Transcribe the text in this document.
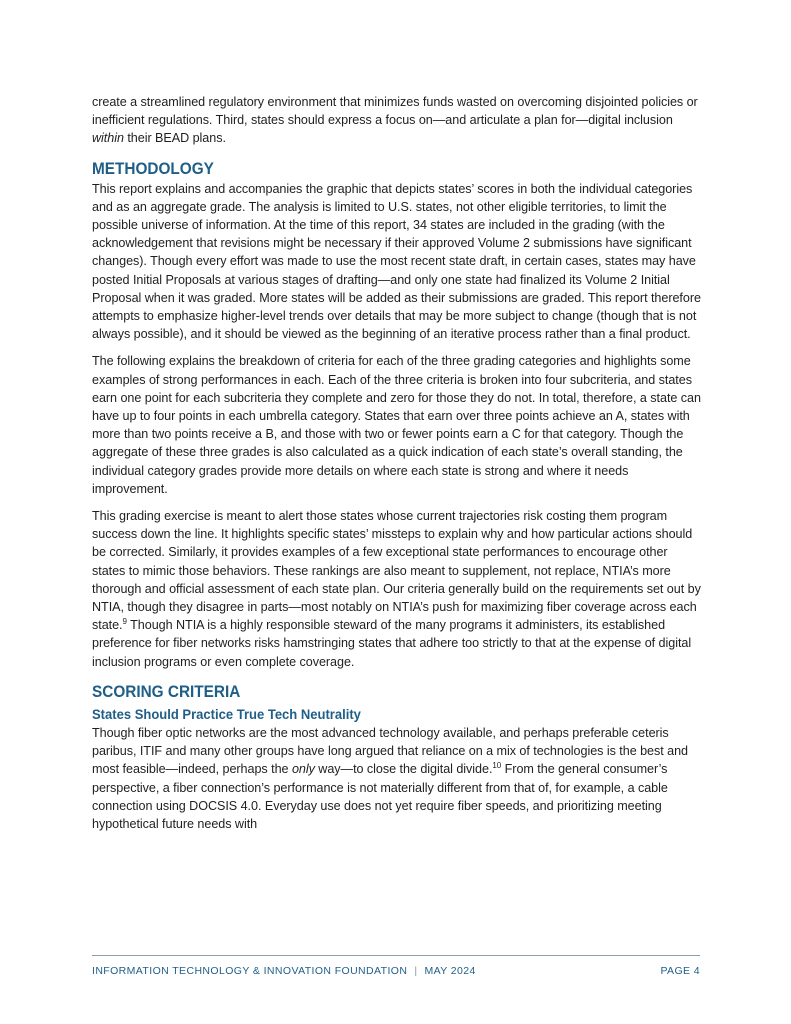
create a streamlined regulatory environment that minimizes funds wasted on overcoming disjointed policies or inefficient regulations. Third, states should express a focus on—and articulate a plan for—digital inclusion within their BEAD plans.

METHODOLOGY

This report explains and accompanies the graphic that depicts states’ scores in both the individual categories and as an aggregate grade. The analysis is limited to U.S. states, not other eligible territories, to limit the possible universe of information. At the time of this report, 34 states are included in the grading (with the acknowledgement that revisions might be necessary if their approved Volume 2 submissions have significant changes). Though every effort was made to use the most recent state draft, in certain cases, states may have posted Initial Proposals at various stages of drafting—and only one state had finalized its Volume 2 Initial Proposal when it was graded. More states will be added as their submissions are graded. This report therefore attempts to emphasize higher-level trends over details that may be more subject to change (though that is not always possible), and it should be viewed as the beginning of an iterative process rather than a final product.

The following explains the breakdown of criteria for each of the three grading categories and highlights some examples of strong performances in each. Each of the three criteria is broken into four subcriteria, and states earn one point for each subcriteria they complete and zero for those they do not. In total, therefore, a state can have up to four points in each umbrella category. States that earn over three points achieve an A, states with more than two points receive a B, and those with two or fewer points earn a C for that category. Though the aggregate of these three grades is also calculated as a quick indication of each state’s overall standing, the individual category grades provide more details on where each state is strong and where it needs improvement.

This grading exercise is meant to alert those states whose current trajectories risk costing them program success down the line. It highlights specific states’ missteps to explain why and how particular actions should be corrected. Similarly, it provides examples of a few exceptional state performances to encourage other states to mimic those behaviors. These rankings are also meant to supplement, not replace, NTIA’s more thorough and official assessment of each state plan. Our criteria generally build on the requirements set out by NTIA, though they disagree in parts—most notably on NTIA’s push for maximizing fiber coverage across each state.$^9$ Though NTIA is a highly responsible steward of the many programs it administers, its established preference for fiber networks risks hamstringing states that adhere too strictly to that at the expense of digital inclusion programs or even complete coverage.

SCORING CRITERIA
States Should Practice True Tech Neutrality

Though fiber optic networks are the most advanced technology available, and perhaps preferable ceteris paribus, ITIF and many other groups have long argued that reliance on a mix of technologies is the best and most feasible—indeed, perhaps the only way—to close the digital divide.$^{10}$ From the general consumer’s perspective, a fiber connection’s performance is not materially different from that of, for example, a cable connection using DOCSIS 4.0. Everyday use does not yet require fiber speeds, and prioritizing meeting hypothetical future needs with

INFORMATION TECHNOLOGY & INNOVATION FOUNDATION | MAY 2024	PAGE 4
